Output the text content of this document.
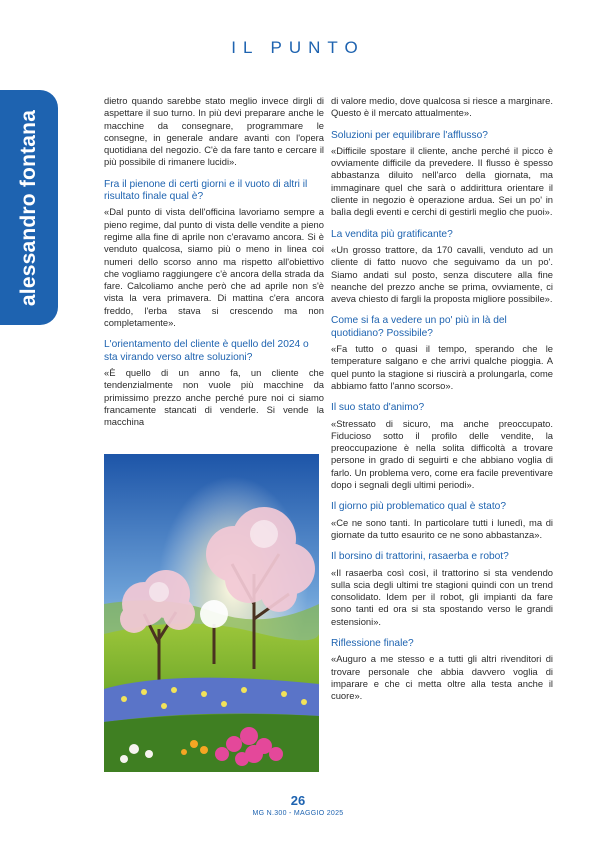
alessandro fontana
IL PUNTO

dietro quando sarebbe stato meglio invece dirgli di aspettare il suo turno. In più devi preparare anche le macchine da consegnare, programmare le consegne, in generale andare avanti con l'opera quotidiana del negozio. C'è da fare tanto e cercare il più possibile di rimanere lucidi».

Fra il pienone di certi giorni e il vuoto di altri il risultato finale qual è?

«Dal punto di vista dell'officina lavoriamo sempre a pieno regime, dal punto di vista delle vendite a pieno regime alla fine di aprile non c'eravamo ancora. Si è venduto qualcosa, siamo più o meno in linea coi numeri dello scorso anno ma rispetto all'obiettivo che vogliamo raggiungere c'è ancora della strada da fare. Calcoliamo anche però che ad aprile non s'è vista la vera primavera. Di mattina c'era ancora freddo, l'erba stava si crescendo ma non completamente».

L'orientamento del cliente è quello del 2024 o sta virando verso altre soluzioni?

«È quello di un anno fa, un cliente che tendenzialmente non vuole più macchine da primissimo prezzo anche perché pure noi ci siamo francamente stancati di venderle. Si vende la macchina

di valore medio, dove qualcosa si riesce a marginare. Questo è il mercato attualmente».

Soluzioni per equilibrare l'afflusso?

«Difficile spostare il cliente, anche perché il picco è ovviamente difficile da prevedere. Il flusso è spesso abbastanza diluito nell'arco della giornata, ma immaginare quel che sarà o addirittura orientare il cliente in negozio è operazione ardua. Sei un po' in balìa degli eventi e cerchi di gestirli meglio che puoi».

La vendita più gratificante?

«Un grosso trattore, da 170 cavalli, venduto ad un cliente di fatto nuovo che seguivamo da un po'. Siamo andati sul posto, senza discutere alla fine neanche del prezzo anche se prima, ovviamente, ci aveva chiesto di fargli la proposta migliore possibile».

Come si fa a vedere un po' più in là del quotidiano? Possibile?

«Fa tutto o quasi il tempo, sperando che le temperature salgano e che arrivi qualche pioggia. A quel punto la stagione si riuscirà a prolungarla, come abbiamo fatto l'anno scorso».

Il suo stato d'animo?

«Stressato di sicuro, ma anche preoccupato. Fiducioso sotto il profilo delle vendite, la preoccupazione è nella solita difficoltà a trovare persone in grado di seguirti e che abbiano voglia di farlo. Un problema vero, come era facile preventivare dopo i segnali degli ultimi periodi».

Il giorno più problematico qual è stato?

«Ce ne sono tanti. In particolare tutti i lunedì, ma di giornate da tutto esaurito ce ne sono abbastanza».

Il borsino di trattorini, rasaerba e robot?

«Il rasaerba così così, il trattorino si sta vendendo sulla scia degli ultimi tre stagioni quindi con un trend consolidato. Idem per il robot, gli impianti da fare sono tanti ed ora si sta spostando verso le grandi estensioni».

Riflessione finale?

«Auguro a me stesso e a tutti gli altri rivenditori di trovare personale che abbia davvero voglia di imparare e che ci metta oltre alla testa anche il cuore».

26
MG N.300 - MAGGIO 2025
